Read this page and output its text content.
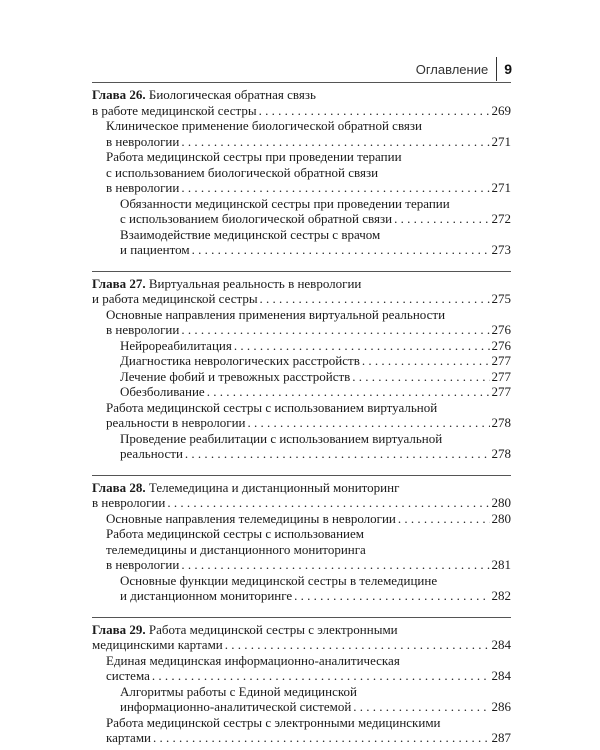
Оглавление 9
Глава 26. Биологическая обратная связь
в работе медицинской сестры . . .	269
Клиническое применение биологической обратной связи
в неврологии . . .	271
Работа медицинской сестры при проведении терапии
с использованием биологической обратной связи
в неврологии . . .	271
Обязанности медицинской сестры при проведении терапии
с использованием биологической обратной связи . . .	272
Взаимодействие медицинской сестры с врачом
и пациентом . . .	273
Глава 27. Виртуальная реальность в неврологии
и работа медицинской сестры . . .	275
Основные направления применения виртуальной реальности
в неврологии . . .	276
Нейрореабилитация . . .	276
Диагностика неврологических расстройств . . .	277
Лечение фобий и тревожных расстройств . . .	277
Обезболивание . . .	277
Работа медицинской сестры с использованием виртуальной
реальности в неврологии . . .	278
Проведение реабилитации с использованием виртуальной
реальности . . .	278
Глава 28. Телемедицина и дистанционный мониторинг
в неврологии . . .	280
Основные направления телемедицины в неврологии . . .	280
Работа медицинской сестры с использованием
телемедицины и дистанционного мониторинга
в неврологии . . .	281
Основные функции медицинской сестры в телемедицине
и дистанционном мониторинге . . .	282
Глава 29. Работа медицинской сестры с электронными
медицинскими картами . . .	284
Единая медицинская информационно-аналитическая
система . . .	284
Алгоритмы работы с Единой медицинской
информационно-аналитической системой . . .	286
Работа медицинской сестры с электронными медицинскими
картами . . .	287
